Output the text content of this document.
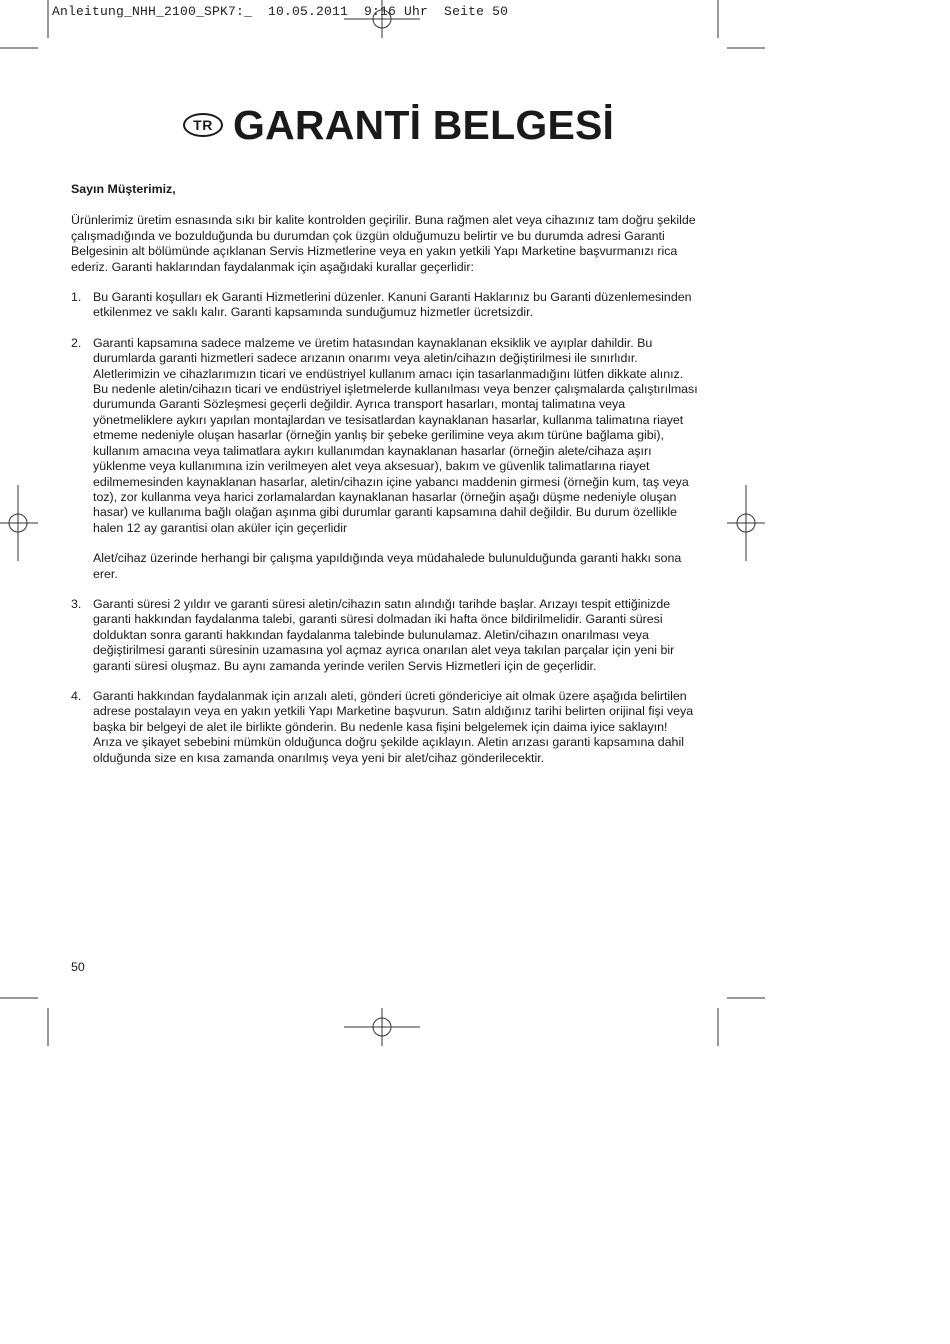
Anleitung_NHH_2100_SPK7:_  10.05.2011  9:16 Uhr  Seite 50
TR GARANTİ BELGESİ

Sayın Müşterimiz,

Ürünlerimiz üretim esnasında sıkı bir kalite kontrolden geçirilir. Buna rağmen alet veya cihazınız tam doğru şekilde çalışmadığında ve bozulduğunda bu durumdan çok üzgün olduğumuzu belirtir ve bu durumda adresi Garanti Belgesinin alt bölümünde açıklanan Servis Hizmetlerine veya en yakın yetkili Yapı Marketine başvurmanızı rica ederiz. Garanti haklarından faydalanmak için aşağıdaki kurallar geçerlidir:

1. Bu Garanti koşulları ek Garanti Hizmetlerini düzenler. Kanuni Garanti Haklarınız bu Garanti düzenlemesinden etkilenmez ve saklı kalır. Garanti kapsamında sunduğumuz hizmetler ücretsizdir.

2. Garanti kapsamına sadece malzeme ve üretim hatasından kaynaklanan eksiklik ve ayıplar dahildir. Bu durumlarda garanti hizmetleri sadece arızanın onarımı veya aletin/cihazın değiştirilmesi ile sınırlıdır. Aletlerimizin ve cihazlarımızın ticari ve endüstriyel kullanım amacı için tasarlanmadığını lütfen dikkate alınız. Bu nedenle aletin/cihazın ticari ve endüstriyel işletmelerde kullanılması veya benzer çalışmalarda çalıştırılması durumunda Garanti Sözleşmesi geçerli değildir. Ayrıca transport hasarları, montaj talimatına veya yönetmeliklere aykırı yapılan montajlardan ve tesisatlardan kaynaklanan hasarlar, kullanma talimatına riayet etmeme nedeniyle oluşan hasarlar (örneğin yanlış bir şebeke gerilimine veya akım türüne bağlama gibi), kullanım amacına veya talimatlara aykırı kullanımdan kaynaklanan hasarlar (örneğin alete/cihaza aşırı yüklenme veya kullanımına izin verilmeyen alet veya aksesuar), bakım ve güvenlik talimatlarına riayet edilmemesinden kaynaklanan hasarlar, aletin/cihazın içine yabancı maddenin girmesi (örneğin kum, taş veya toz), zor kullanma veya harici zorlamalardan kaynaklanan hasarlar (örneğin aşağı düşme nedeniyle oluşan hasar) ve kullanıma bağlı olağan aşınma gibi durumlar garanti kapsamına dahil değildir. Bu durum özellikle halen 12 ay garantisi olan aküler için geçerlidir

Alet/cihaz üzerinde herhangi bir çalışma yapıldığında veya müdahalede bulunulduğunda garanti hakkı sona erer.

3. Garanti süresi 2 yıldır ve garanti süresi aletin/cihazın satın alındığı tarihde başlar. Arızayı tespit ettiğinizde garanti hakkından faydalanma talebi, garanti süresi dolmadan iki hafta önce bildirilmelidir. Garanti süresi dolduktan sonra garanti hakkından faydalanma talebinde bulunulamaz. Aletin/cihazın onarılması veya değiştirilmesi garanti süresinin uzamasına yol açmaz ayrıca onarılan alet veya takılan parçalar için yeni bir garanti süresi oluşmaz. Bu aynı zamanda yerinde verilen Servis Hizmetleri için de geçerlidir.

4. Garanti hakkından faydalanmak için arızalı aleti, gönderi ücreti göndericiye ait olmak üzere aşağıda belirtilen adrese postalayın veya en yakın yetkili Yapı Marketine başvurun. Satın aldığınız tarihi belirten orijinal fişi veya başka bir belgeyi de alet ile birlikte gönderin. Bu nedenle kasa fişini belgelemek için daima iyice saklayın! Arıza ve şikayet sebebini mümkün olduğunca doğru şekilde açıklayın. Aletin arızası garanti kapsamına dahil olduğunda size en kısa zamanda onarılmış veya yeni bir alet/cihaz gönderilecektir.

50
